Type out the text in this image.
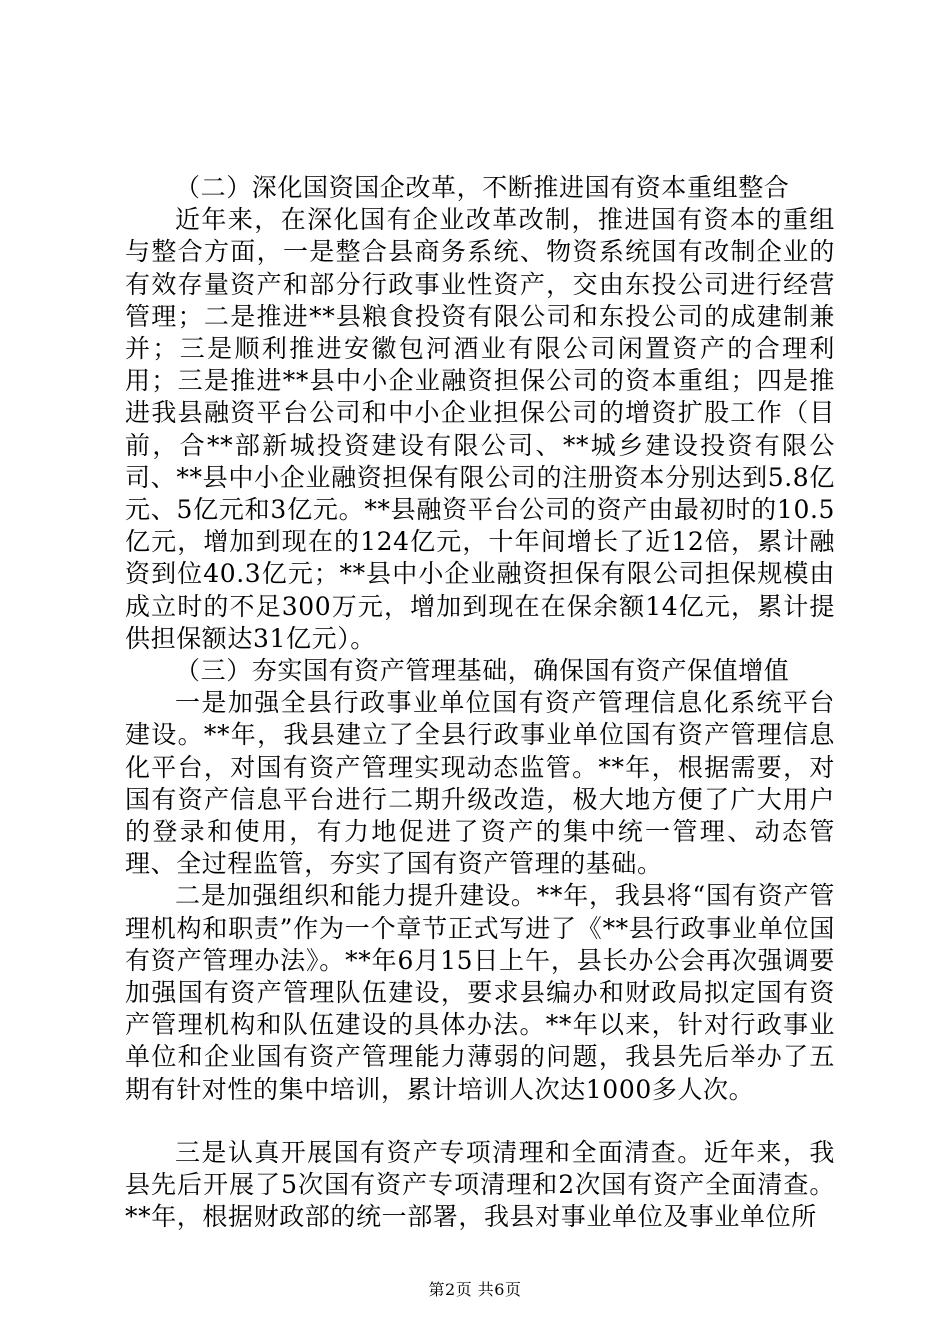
（二）深化国资国企改革，不断推进国有资本重组整合

近年来，在深化国有企业改革改制，推进国有资本的重组与整合方面，一是整合县商务系统、物资系统国有改制企业的有效存量资产和部分行政事业性资产，交由东投公司进行经营管理；二是推进**县粮食投资有限公司和东投公司的成建制兼并；三是顺利推进安徽包河酒业有限公司闲置资产的合理利用；三是推进**县中小企业融资担保公司的资本重组；四是推进我县融资平台公司和中小企业担保公司的增资扩股工作（目前，合**部新城投资建设有限公司、**城乡建设投资有限公司、**县中小企业融资担保有限公司的注册资本分别达到5.8亿元、5亿元和3亿元。**县融资平台公司的资产由最初时的10.5亿元，增加到现在的124亿元，十年间增长了近12倍，累计融资到位40.3亿元；**县中小企业融资担保有限公司担保规模由成立时的不足300万元，增加到现在在保余额14亿元，累计提供担保额达31亿元）。

（三）夯实国有资产管理基础，确保国有资产保值增值

一是加强全县行政事业单位国有资产管理信息化系统平台建设。**年，我县建立了全县行政事业单位国有资产管理信息化平台，对国有资产管理实现动态监管。**年，根据需要，对国有资产信息平台进行二期升级改造，极大地方便了广大用户的登录和使用，有力地促进了资产的集中统一管理、动态管理、全过程监管，夯实了国有资产管理的基础。

二是加强组织和能力提升建设。**年，我县将“国有资产管理机构和职责”作为一个章节正式写进了《**县行政事业单位国有资产管理办法》。**年6月15日上午，县长办公会再次强调要加强国有资产管理队伍建设，要求县编办和财政局拟定国有资产管理机构和队伍建设的具体办法。**年以来，针对行政事业单位和企业国有资产管理能力薄弱的问题，我县先后举办了五期有针对性的集中培训，累计培训人次达1000多人次。

三是认真开展国有资产专项清理和全面清查。近年来，我县先后开展了5次国有资产专项清理和2次国有资产全面清查。**年，根据财政部的统一部署，我县对事业单位及事业单位所

第2页 共6页
